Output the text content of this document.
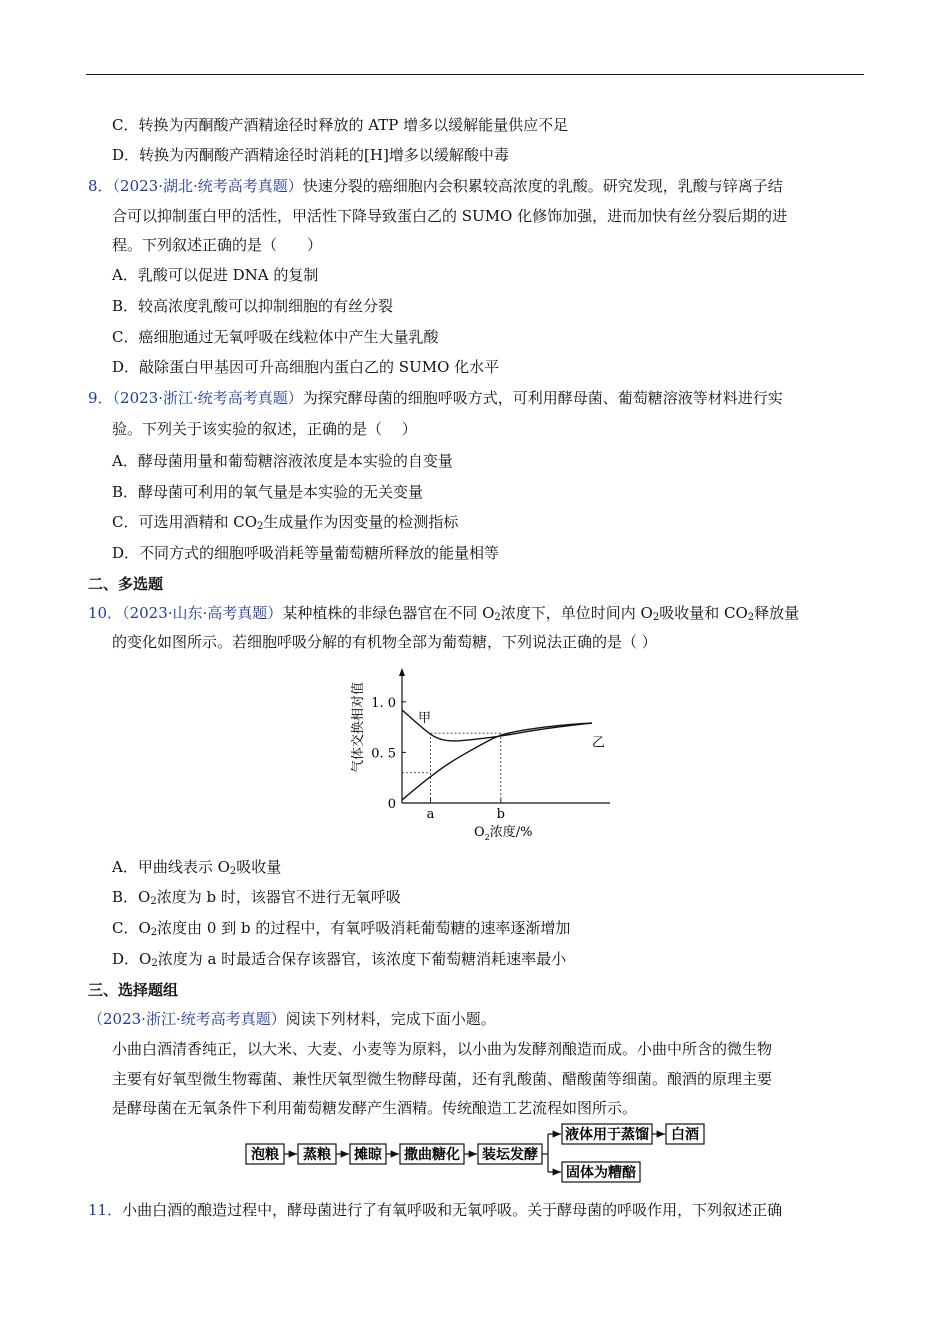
C．转换为丙酮酸产酒精途径时释放的 ATP 增多以缓解能量供应不足
D．转换为丙酮酸产酒精途径时消耗的[H]增多以缓解酸中毒
8．（2023·湖北·统考高考真题）快速分裂的癌细胞内会积累较高浓度的乳酸。研究发现，乳酸与锌离子结
合可以抑制蛋白甲的活性，甲活性下降导致蛋白乙的 SUMO 化修饰加强，进而加快有丝分裂后期的进
程。下列叙述正确的是（　　）
A．乳酸可以促进 DNA 的复制
B．较高浓度乳酸可以抑制细胞的有丝分裂
C．癌细胞通过无氧呼吸在线粒体中产生大量乳酸
D．敲除蛋白甲基因可升高细胞内蛋白乙的 SUMO 化水平
9．（2023·浙江·统考高考真题）为探究酵母菌的细胞呼吸方式，可利用酵母菌、葡萄糖溶液等材料进行实
验。下列关于该实验的叙述，正确的是（　 ）
A．酵母菌用量和葡萄糖溶液浓度是本实验的自变量
B．酵母菌可利用的氧气量是本实验的无关变量
C．可选用酒精和 $CO_2$生成量作为因变量的检测指标
D．不同方式的细胞呼吸消耗等量葡萄糖所释放的能量相等
二、多选题
10．（2023·山东·高考真题）某种植株的非绿色器官在不同 $O_2$浓度下，单位时间内 $O_2$吸收量和 $CO_2$释放量
的变化如图所示。若细胞呼吸分解的有机物全部为葡萄糖，下列说法正确的是（ ）
1. 0
0. 5
0
气体交换相对值
a	b
$O_2$浓度/%
甲
乙
A．甲曲线表示 $O_2$吸收量
B．$O_2$浓度为 b 时，该器官不进行无氧呼吸
C．$O_2$浓度由 0 到 b 的过程中，有氧呼吸消耗葡萄糖的速率逐渐增加
D．$O_2$浓度为 a 时最适合保存该器官，该浓度下葡萄糖消耗速率最小
三、选择题组
（2023·浙江·统考高考真题）阅读下列材料，完成下面小题。
小曲白酒清香纯正，以大米、大麦、小麦等为原料，以小曲为发酵剂酿造而成。小曲中所含的微生物
主要有好氧型微生物霉菌、兼性厌氧型微生物酵母菌，还有乳酸菌、醋酸菌等细菌。酿酒的原理主要
是酵母菌在无氧条件下利用葡萄糖发酵产生酒精。传统酿造工艺流程如图所示。
泡粮 蒸粮 摊晾 撒曲糖化 装坛发酵
液体用于蒸馏 白酒
固体为糟醅
11．小曲白酒的酿造过程中，酵母菌进行了有氧呼吸和无氧呼吸。关于酵母菌的呼吸作用，下列叙述正确
